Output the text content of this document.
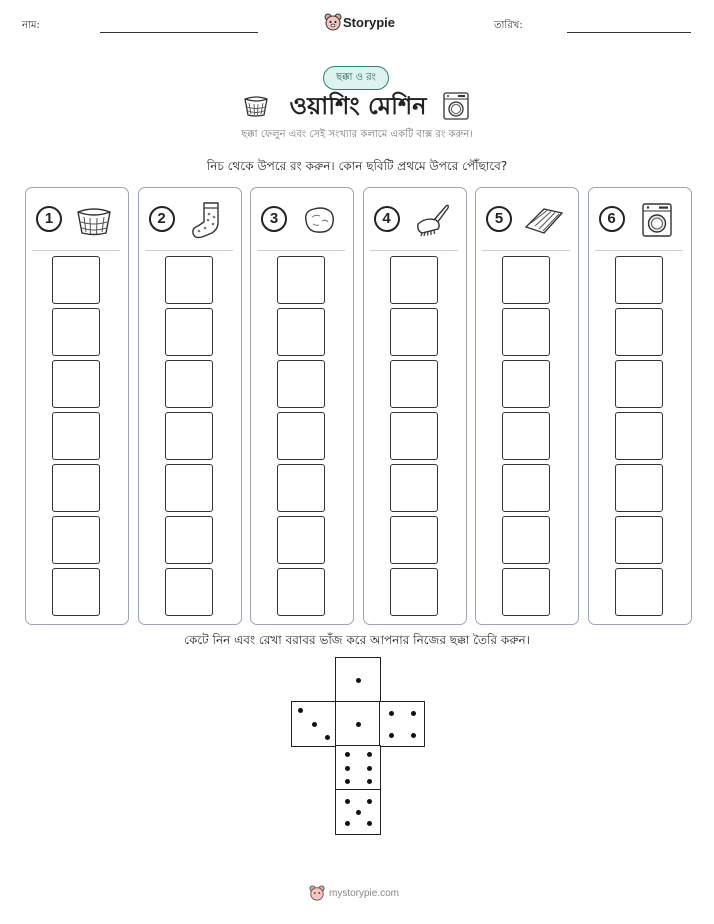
নাম:	Storypie	তারিখ:
ছক্কা ও রং
ওয়াশিং মেশিন
ছক্কা ফেলুন এবং সেই সংখ্যার কলামে একটি বাক্স রং করুন।
নিচ থেকে উপরে রং করুন। কোন ছবিটি প্রথমে উপরে পৌঁছাবে?
1	2	3	4	5	6
কেটে নিন এবং রেখা বরাবর ভাঁজ করে আপনার নিজের ছক্কা তৈরি করুন।
mystorypie.com
